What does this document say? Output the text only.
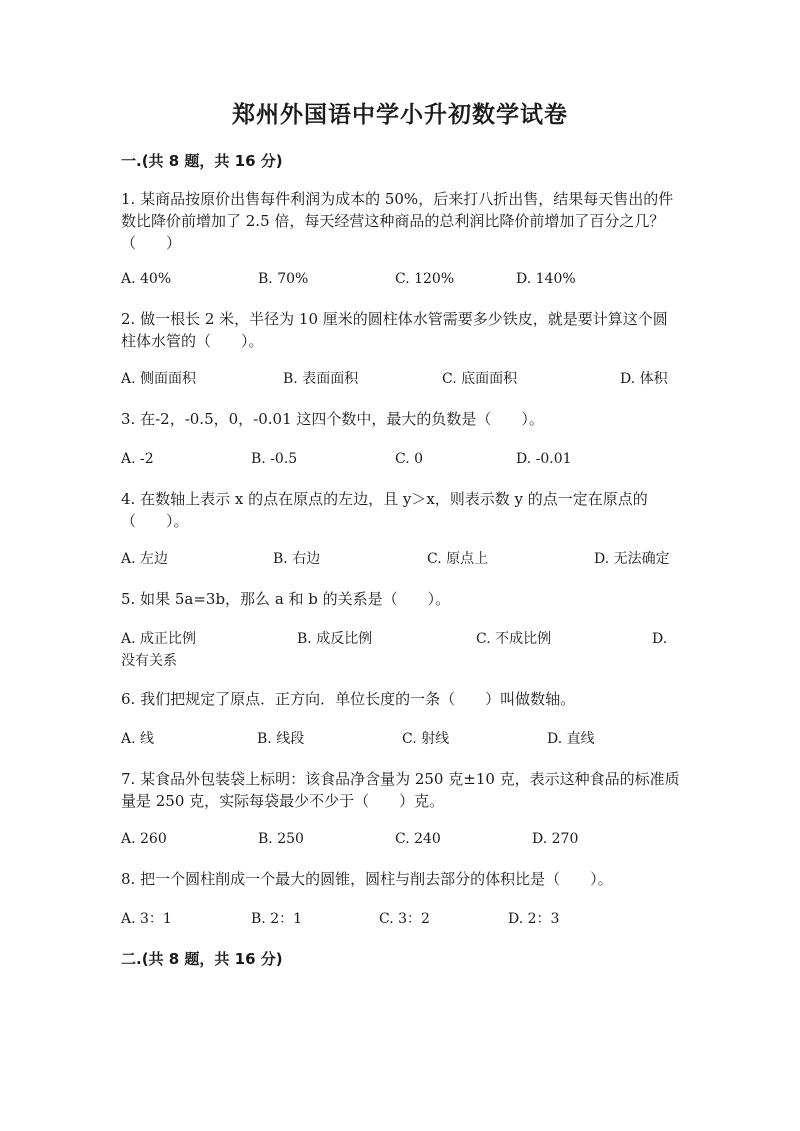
郑州外国语中学小升初数学试卷
一.(共 8 题，共 16 分)
1. 某商品按原价出售每件利润为成本的 50%，后来打八折出售，结果每天售出的件数比降价前增加了 2.5 倍，每天经营这种商品的总利润比降价前增加了百分之几？（　　）
A. 40%	B. 70%	C. 120%	D. 140%
2. 做一根长 2 米，半径为 10 厘米的圆柱体水管需要多少铁皮，就是要计算这个圆柱体水管的（　　）。
A. 侧面面积	B. 表面面积	C. 底面面积	D. 体积
3. 在-2，-0.5，0，-0.01 这四个数中，最大的负数是（　　）。
A. -2	B. -0.5	C. 0	D. -0.01
4. 在数轴上表示 x 的点在原点的左边，且 y＞x，则表示数 y 的点一定在原点的（　　）。
A. 左边	B. 右边	C. 原点上	D. 无法确定
5. 如果 5a=3b，那么 a 和 b 的关系是（　　）。
A. 成正比例	B. 成反比例	C. 不成比例	D. 没有关系
6. 我们把规定了原点．正方向．单位长度的一条（　　）叫做数轴。
A. 线	B. 线段	C. 射线	D. 直线
7. 某食品外包装袋上标明：该食品净含量为 250 克±10 克，表示这种食品的标准质量是 250 克，实际每袋最少不少于（　　）克。
A. 260	B. 250	C. 240	D. 270
8. 把一个圆柱削成一个最大的圆锥，圆柱与削去部分的体积比是（　　）。
A. 3：1	B. 2：1	C. 3：2	D. 2：3
二.(共 8 题，共 16 分)
